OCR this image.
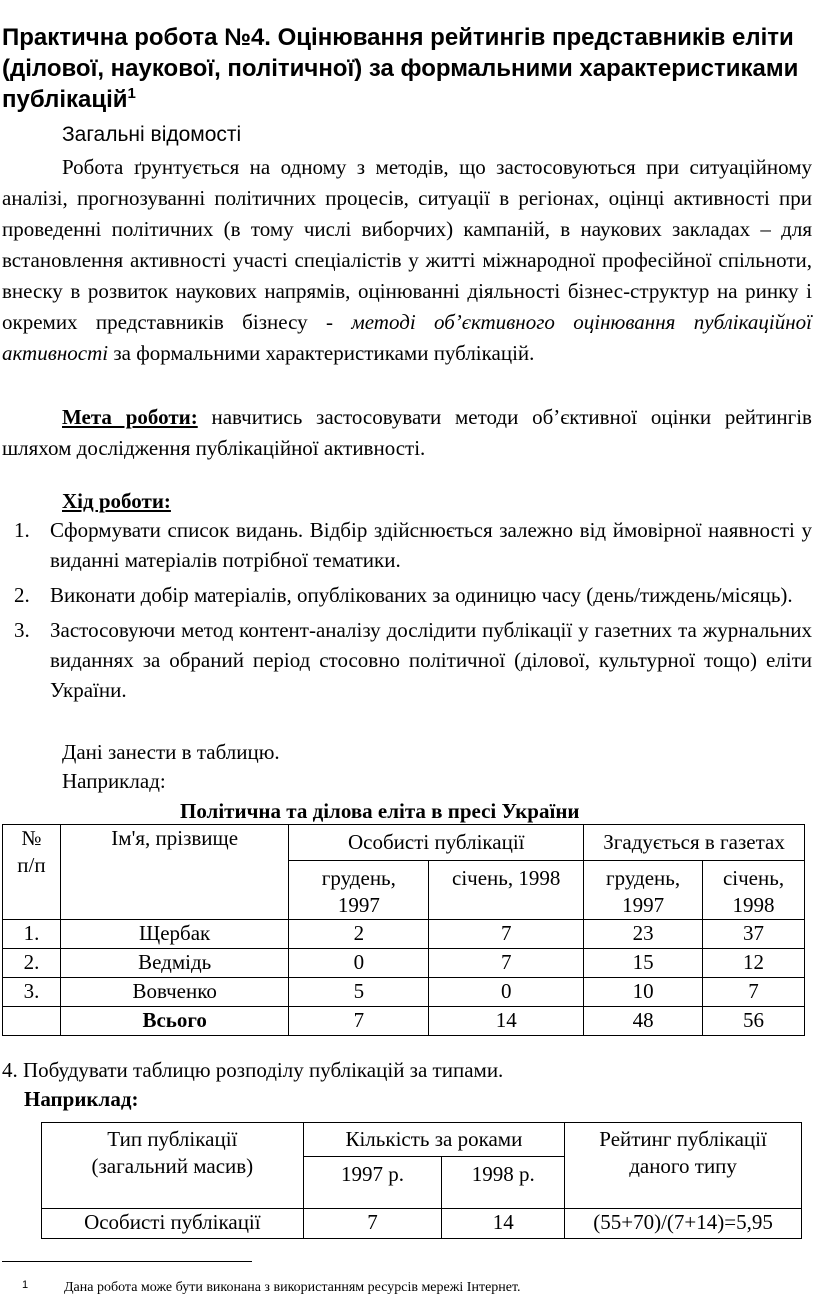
Практична робота №4. Оцінювання рейтингів представників еліти (ділової, наукової, політичної) за формальними характеристиками публікацій$^1$
Загальні відомості

Робота ґрунтується на одному з методів, що застосовуються при ситуаційному аналізі, прогнозуванні політичних процесів, ситуації в регіонах, оцінці активності при проведенні політичних (в тому числі виборчих) кампаній, в наукових закладах – для встановлення активності участі спеціалістів у житті міжнародної професійної спільноти, внеску в розвиток наукових напрямів, оцінюванні діяльності бізнес-структур на ринку і окремих представників бізнесу - методі об’єктивного оцінювання публікаційної активності за формальними характеристиками публікацій.

Мета роботи: навчитись застосовувати методи об’єктивної оцінки рейтингів шляхом дослідження публікаційної активності.

Хід роботи:
1. Сформувати список видань. Відбір здійснюється залежно від ймовірної наявності у виданні матеріалів потрібної тематики.
2. Виконати добір матеріалів, опублікованих за одиницю часу (день/тиждень/місяць).
3. Застосовуючи метод контент-аналізу дослідити публікації у газетних та журнальних виданнях за обраний період стосовно політичної (ділової, культурної тощо) еліти України.
Дані занести в таблицю.
Наприклад:
Політична та ділова еліта в пресі України
№ п/п	Ім'я, прізвище	Особисті публікації		Згадується в газетах	
		грудень, 1997	січень, 1998	грудень, 1997	січень, 1998
1.	Щербак	2	7	23	37
2.	Ведмідь	0	7	15	12
3.	Вовченко	5	0	10	7
	Всього	7	14	48	56
4. Побудувати таблицю розподілу публікацій за типами.
Наприклад:
Тип публікації (загальний масив)	Кількість за роками		Рейтинг публікації даного типу
	1997 р.	1998 р.	
Особисті публікації	7	14	(55+70)/(7+14)=5,95
1	Дана робота може бути виконана з використанням ресурсів мережі Інтернет.
